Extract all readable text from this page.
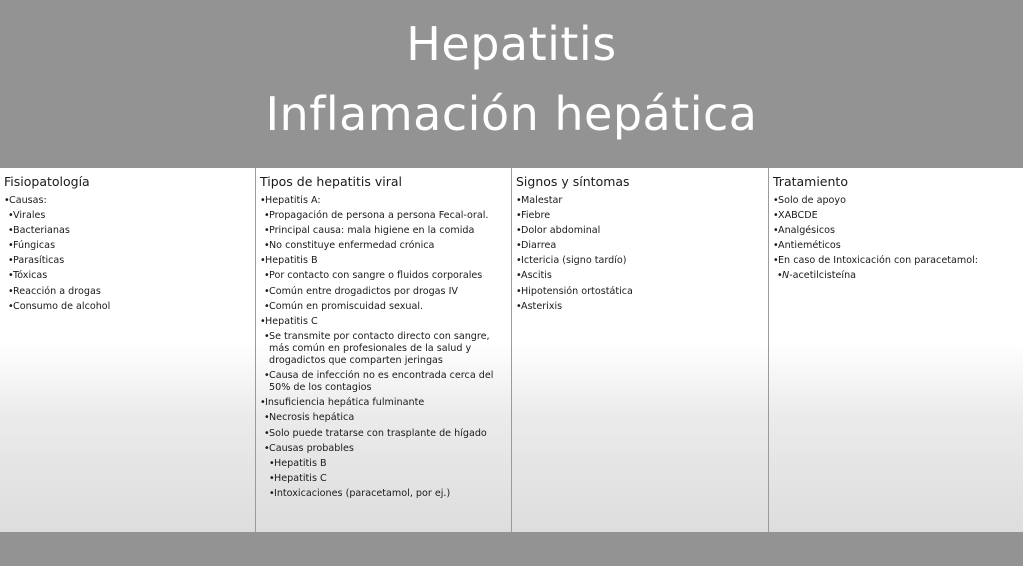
Hepatitis
Inflamación hepática
Fisiopatología
• Causas:
• Virales
• Bacterianas
• Fúngicas
• Parasíticas
• Tóxicas
• Reacción a drogas
• Consumo de alcohol
Tipos de hepatitis viral
• Hepatitis A:
• Propagación de persona a persona Fecal-oral.
• Principal causa: mala higiene en la comida
• No constituye enfermedad crónica
• Hepatitis B
• Por contacto con sangre o fluidos corporales
• Común entre drogadictos por drogas IV
• Común en promiscuidad sexual.
• Hepatitis C
• Se transmite por contacto directo con sangre, más común en profesionales de la salud y drogadictos que comparten jeringas
• Causa de infección no es encontrada cerca del 50% de los contagios
• Insuficiencia hepática fulminante
• Necrosis hepática
• Solo puede tratarse con trasplante de hígado
• Causas probables
• Hepatitis B
• Hepatitis C
• Intoxicaciones (paracetamol, por ej.)
Signos y síntomas
• Malestar
• Fiebre
• Dolor abdominal
• Diarrea
• Ictericia (signo tardío)
• Ascitis
• Hipotensión ortostática
• Asterixis
Tratamiento
• Solo de apoyo
• XABCDE
• Analgésicos
• Antieméticos
• En caso de Intoxicación con paracetamol:
• N-acetilcisteína
